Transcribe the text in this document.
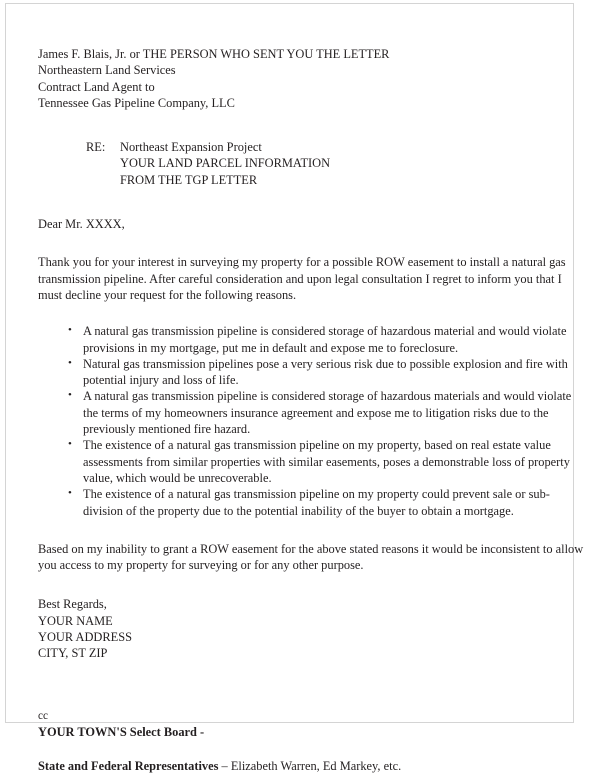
James F. Blais, Jr. or THE PERSON WHO SENT YOU THE LETTER
Northeastern Land Services
Contract Land Agent to
Tennessee Gas Pipeline Company, LLC
RE:	Northeast Expansion Project
YOUR LAND PARCEL INFORMATION
FROM THE TGP LETTER
Dear Mr. XXXX,
Thank you for your interest in surveying my property for a possible ROW easement to install a natural gas transmission pipeline. After careful consideration and upon legal consultation I regret to inform you that I must decline your request for the following reasons.
• A natural gas transmission pipeline is considered storage of hazardous material and would violate provisions in my mortgage, put me in default and expose me to foreclosure.
• Natural gas transmission pipelines pose a very serious risk due to possible explosion and fire with potential injury and loss of life.
• A natural gas transmission pipeline is considered storage of hazardous materials and would violate the terms of my homeowners insurance agreement and expose me to litigation risks due to the previously mentioned fire hazard.
• The existence of a natural gas transmission pipeline on my property, based on real estate value assessments from similar properties with similar easements, poses a demonstrable loss of property value, which would be unrecoverable.
• The existence of a natural gas transmission pipeline on my property could prevent sale or sub-division of the property due to the potential inability of the buyer to obtain a mortgage.
Based on my inability to grant a ROW easement for the above stated reasons it would be inconsistent to allow you access to my property for surveying or for any other purpose.
Best Regards,
YOUR NAME
YOUR ADDRESS
CITY, ST ZIP
cc
YOUR TOWN'S Select Board -
State and Federal Representatives – Elizabeth Warren, Ed Markey, etc.
